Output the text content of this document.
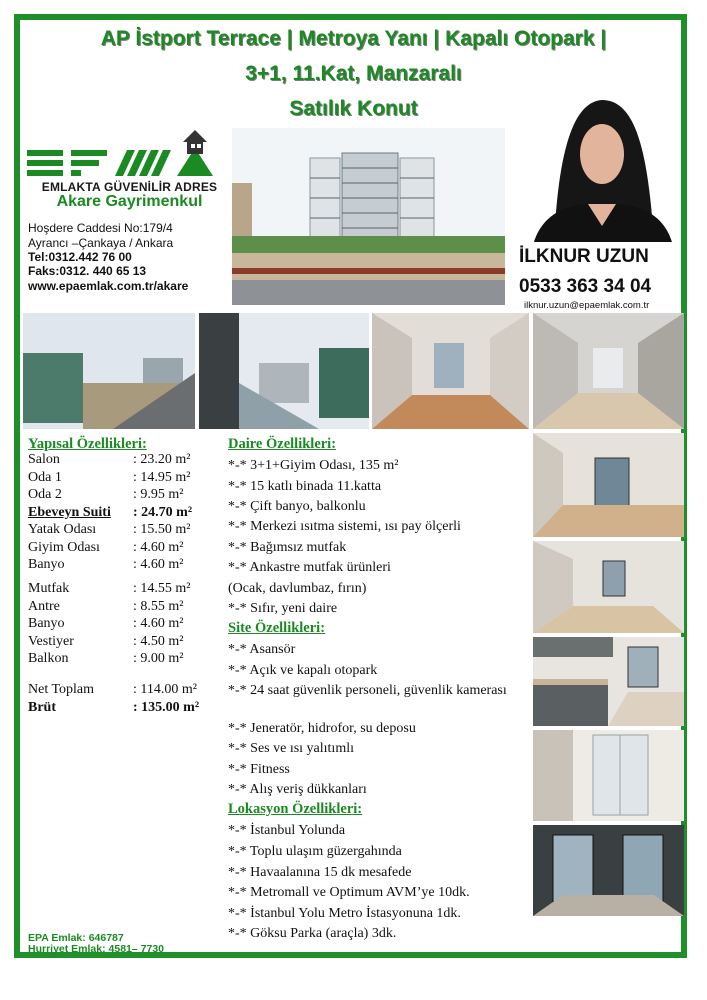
AP İstport Terrace | Metroya Yanı | Kapalı Otopark |
3+1, 11.Kat, Manzaralı
Satılık Konut
EMLAKTA GÜVENİLİR ADRES
Akare Gayrimenkul
Hoşdere Caddesi No:179/4
Ayrancı –Çankaya / Ankara
Tel:0312.442 76 00
Faks:0312. 440 65 13
www.epaemlak.com.tr/akare
İLKNUR UZUN
0533 363 34 04
ilknur.uzun@epaemlak.com.tr
Yapısal Özellikleri:
Salon	: 23.20 m²
Oda 1	: 14.95 m²
Oda 2	: 9.95 m²
Ebeveyn Suiti : 24.70 m²
Yatak Odası	: 15.50 m²
Giyim Odası : 4.60 m²
Banyo	: 4.60 m²
Mutfak	: 14.55 m²
Antre	: 8.55 m²
Banyo	: 4.60 m²
Vestiyer	: 4.50 m²
Balkon	: 9.00 m²
Net Toplam	: 114.00 m²
Brüt	: 135.00 m²
Daire Özellikleri:
*-* 3+1+Giyim Odası, 135 m²
*-* 15 katlı binada 11.katta
*-* Çift banyo, balkonlu
*-* Merkezi ısıtma sistemi, ısı pay ölçerli
*-* Bağımsız mutfak
*-* Ankastre mutfak ürünleri
(Ocak, davlumbaz, fırın)
*-* Sıfır, yeni daire
Site Özellikleri:
*-* Asansör
*-* Açık ve kapalı otopark
*-* 24 saat güvenlik personeli, güvenlik kamerası
*-* Jeneratör, hidrofor, su deposu
*-* Ses ve ısı yalıtımlı
*-* Fitness
*-* Alış veriş dükkanları
Lokasyon Özellikleri:
*-* İstanbul Yolunda
*-* Toplu ulaşım güzergahında
*-* Havaalanına 15 dk mesafede
*-* Metromall ve Optimum AVM’ye 10dk.
*-* İstanbul Yolu Metro İstasyonuna 1dk.
*-* Göksu Parka (araçla) 3dk.
EPA Emlak: 646787
Hurriyet Emlak: 4581– 7730
